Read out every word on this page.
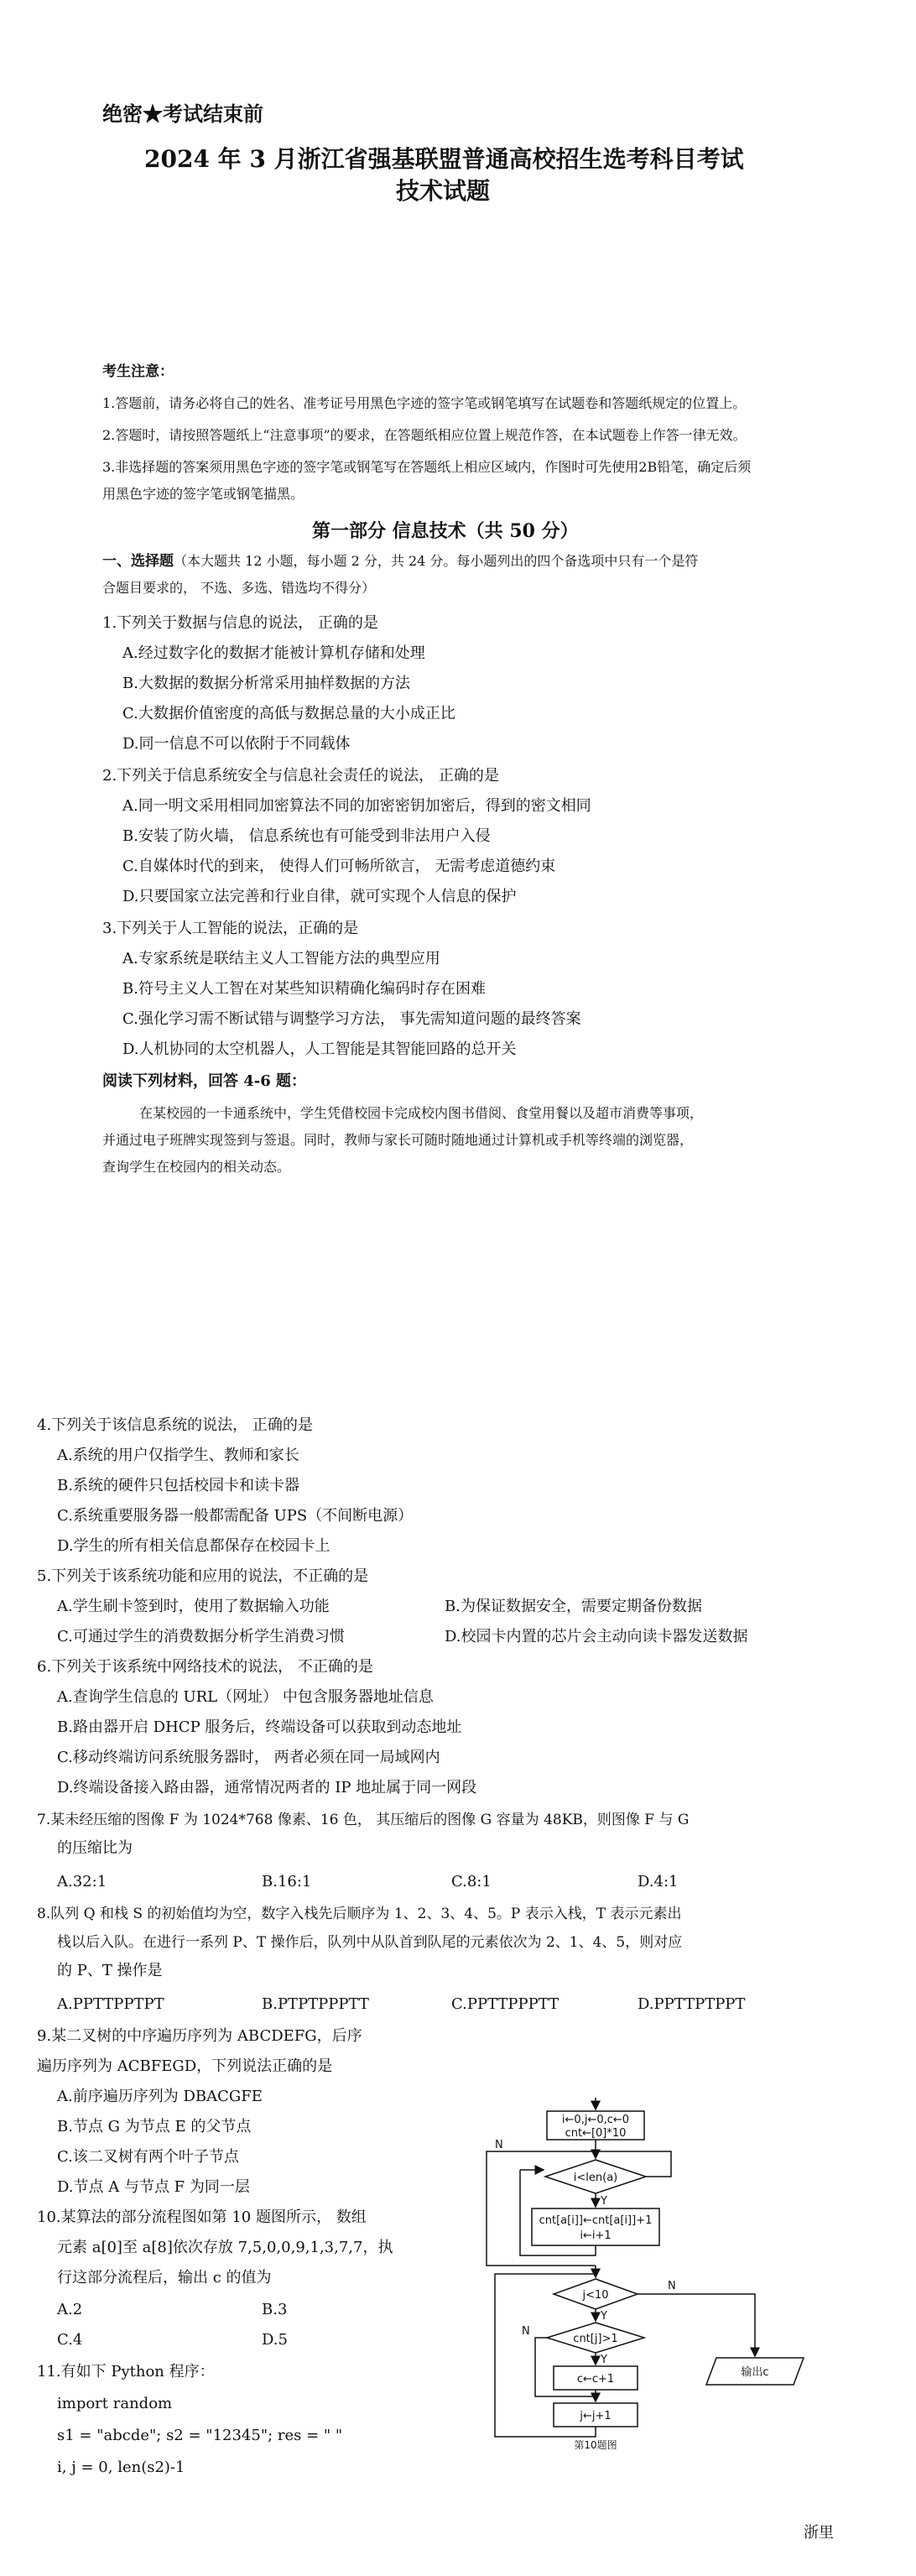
绝密★考试结束前
2024 年 3 月浙江省强基联盟普通高校招生选考科目考试
技术试题
考生注意：
1.答题前，请务必将自己的姓名、准考证号用黑色字迹的签字笔或钢笔填写在试题卷和答题纸规定的位置上。
2.答题时，请按照答题纸上“注意事项”的要求，在答题纸相应位置上规范作答，在本试题卷上作答一律无效。
3.非选择题的答案须用黑色字迹的签字笔或钢笔写在答题纸上相应区域内，作图时可先使用2B铅笔，确定后须
用黑色字迹的签字笔或钢笔描黑。
第一部分 信息技术（共 50 分）
一、选择题（本大题共 12 小题，每小题 2 分，共 24 分。每小题列出的四个备选项中只有一个是符
合题目要求的， 不选、多选、错选均不得分）
1.下列关于数据与信息的说法， 正确的是
A.经过数字化的数据才能被计算机存储和处理
B.大数据的数据分析常采用抽样数据的方法
C.大数据价值密度的高低与数据总量的大小成正比
D.同一信息不可以依附于不同载体
2.下列关于信息系统安全与信息社会责任的说法， 正确的是
A.同一明文采用相同加密算法不同的加密密钥加密后，得到的密文相同
B.安装了防火墙， 信息系统也有可能受到非法用户入侵
C.自媒体时代的到来， 使得人们可畅所欲言， 无需考虑道德约束
D.只要国家立法完善和行业自律，就可实现个人信息的保护
3.下列关于人工智能的说法，正确的是
A.专家系统是联结主义人工智能方法的典型应用
B.符号主义人工智在对某些知识精确化编码时存在困难
C.强化学习需不断试错与调整学习方法， 事先需知道问题的最终答案
D.人机协同的太空机器人，人工智能是其智能回路的总开关
阅读下列材料，回答 4-6 题：
在某校园的一卡通系统中，学生凭借校园卡完成校内图书借阅、食堂用餐以及超市消费等事项，
并通过电子班牌实现签到与签退。同时，教师与家长可随时随地通过计算机或手机等终端的浏览器，
查询学生在校园内的相关动态。
4.下列关于该信息系统的说法， 正确的是
A.系统的用户仅指学生、教师和家长
B.系统的硬件只包括校园卡和读卡器
C.系统重要服务器一般都需配备 UPS（不间断电源）
D.学生的所有相关信息都保存在校园卡上
5.下列关于该系统功能和应用的说法，不正确的是
A.学生刷卡签到时，使用了数据输入功能	B.为保证数据安全，需要定期备份数据
C.可通过学生的消费数据分析学生消费习惯	D.校园卡内置的芯片会主动向读卡器发送数据
6.下列关于该系统中网络技术的说法， 不正确的是
A.查询学生信息的 URL（网址） 中包含服务器地址信息
B.路由器开启 DHCP 服务后，终端设备可以获取到动态地址
C.移动终端访问系统服务器时， 两者必须在同一局域网内
D.终端设备接入路由器，通常情况两者的 IP 地址属于同一网段
7.某未经压缩的图像 F 为 1024*768 像素、16 色， 其压缩后的图像 G 容量为 48KB，则图像 F 与 G
的压缩比为
A.32:1	B.16:1	C.8:1	D.4:1
8.队列 Q 和栈 S 的初始值均为空，数字入栈先后顺序为 1、2、3、4、5。P 表示入栈，T 表示元素出
栈以后入队。在进行一系列 P、T 操作后，队列中从队首到队尾的元素依次为 2、1、4、5，则对应
的 P、T 操作是
A.PPTTPPTPT	B.PTPTPPPTT	C.PPTTPPPTT	D.PPTTPTPPT
9.某二叉树的中序遍历序列为 ABCDEFG，后序
遍历序列为 ACBFEGD，下列说法正确的是
A.前序遍历序列为 DBACGFE
B.节点 G 为节点 E 的父节点
C.该二叉树有两个叶子节点
D.节点 A 与节点 F 为同一层
10.某算法的部分流程图如第 10 题图所示， 数组
元素 a[0]至 a[8]依次存放 7,5,0,0,9,1,3,7,7，执
行这部分流程后，输出 c 的值为
A.2	B.3
C.4	D.5
11.有如下 Python 程序：
import random
s1 = "abcde"; s2 = "12345"; res = " "
i, j = 0, len(s2)-1
i←0,j←0,c←0
cnt←[0]*10
i<len(a)
cnt[a[i]]←cnt[a[i]]+1
i←i+1
j<10
cnt[j]>1
c←c+1
j←j+1
输出c
Y
N
Y
N
Y
N
第10题图
浙里
